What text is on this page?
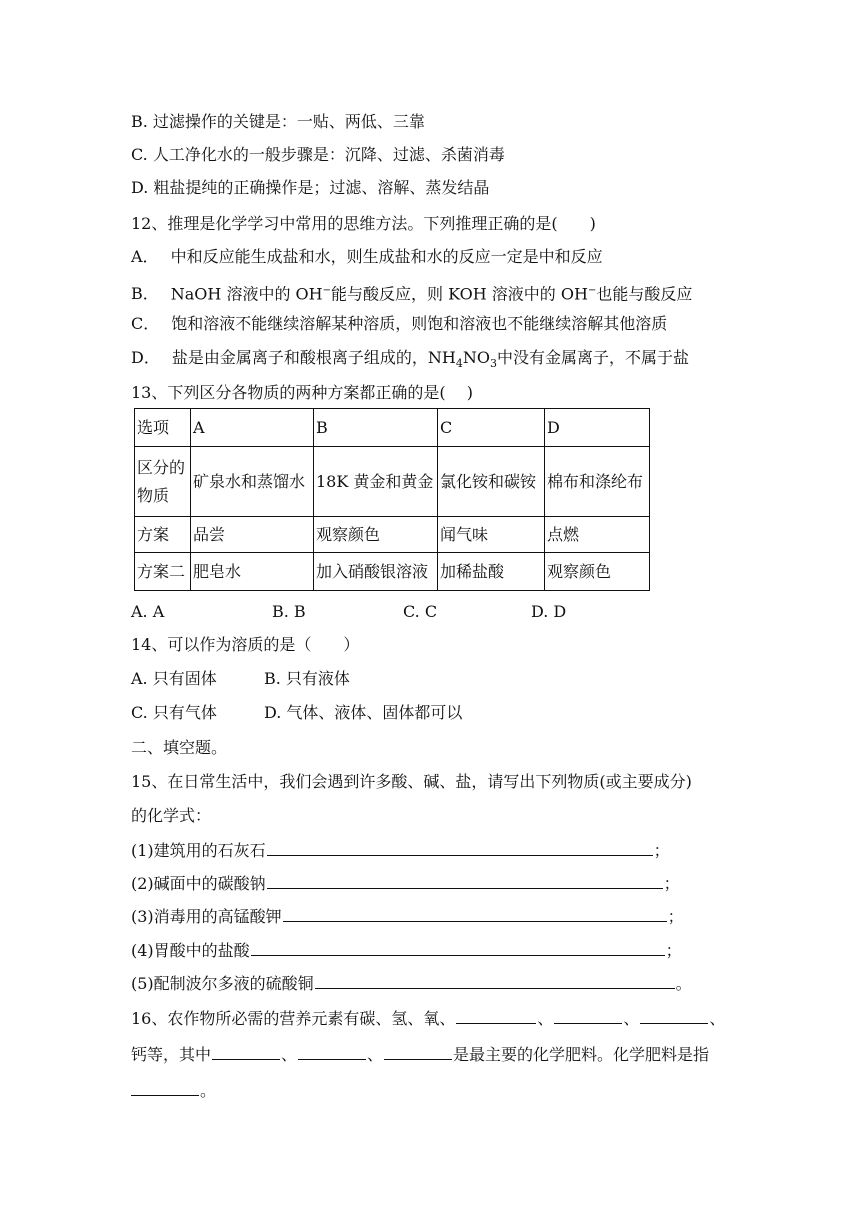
B. 过滤操作的关键是：一贴、两低、三靠
C. 人工净化水的一般步骤是：沉降、过滤、杀菌消毒
D. 粗盐提纯的正确操作是；过滤、溶解、蒸发结晶
12、推理是化学学习中常用的思维方法。下列推理正确的是(　　)
A． 中和反应能生成盐和水，则生成盐和水的反应一定是中和反应
B． NaOH 溶液中的 OH−能与酸反应，则 KOH 溶液中的 OH−也能与酸反应
C． 饱和溶液不能继续溶解某种溶质，则饱和溶液也不能继续溶解其他溶质
D． 盐是由金属离子和酸根离子组成的，$NH_4NO_3$中没有金属离子，不属于盐
13、下列区分各物质的两种方案都正确的是(　 )
选项	A	B	C	D

区分的
物质	矿泉水和蒸馏水	18K 黄金和黄金	氯化铵和碳铵	棉布和涤纶布
方案	品尝	观察颜色	闻气味	点燃
方案二	肥皂水	加入硝酸银溶液	加稀盐酸	观察颜色
A. A	B. B	C. C	D. D
14、可以作为溶质的是（　　）
A. 只有固体	B. 只有液体
C. 只有气体	D. 气体、液体、固体都可以
二、填空题。
15、在日常生活中，我们会遇到许多酸、碱、盐，请写出下列物质(或主要成分)
的化学式：
(1)建筑用的石灰石	；
(2)碱面中的碳酸钠	；
(3)消毒用的高锰酸钾	；
(4)胃酸中的盐酸	；
(5)配制波尔多液的硫酸铜	。
16、农作物所必需的营养元素有碳、氢、氧、	、	、	、
钙等，其中	、	、	是最主要的化学肥料。化学肥料是指
。
